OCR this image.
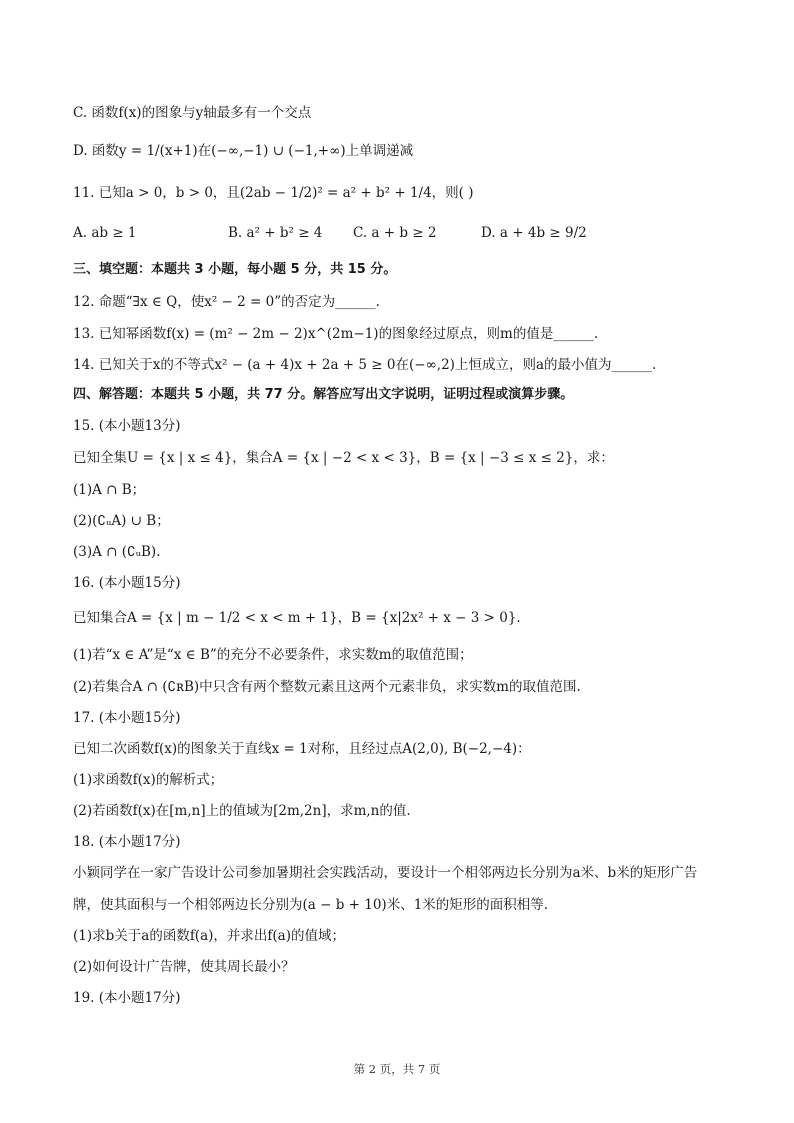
C. 函数f(x)的图象与y轴最多有一个交点
D. 函数y = 1/(x+1)在(−∞,−1) ∪ (−1,+∞)上单调递减
11. 已知a > 0，b > 0，且(2ab − 1/2)² = a² + b² + 1/4，则( )
A. ab ≥ 1	B. a² + b² ≥ 4	C. a + b ≥ 2	D. a + 4b ≥ 9/2
三、填空题：本题共 3 小题，每小题 5 分，共 15 分。
12. 命题“∃x ∈ Q，使x² − 2 = 0”的否定为______.
13. 已知幂函数f(x) = (m² − 2m − 2)x^(2m−1)的图象经过原点，则m的值是______.
14. 已知关于x的不等式x² − (a + 4)x + 2a + 5 ≥ 0在(−∞,2)上恒成立，则a的最小值为______.
四、解答题：本题共 5 小题，共 77 分。解答应写出文字说明，证明过程或演算步骤。
15. (本小题13分)
已知全集U = {x | x ≤ 4}，集合A = {x | −2 < x < 3}，B = {x | −3 ≤ x ≤ 2}，求：
(1)A ∩ B；
(2)(∁ᵤA) ∪ B；
(3)A ∩ (∁ᵤB).
16. (本小题15分)
已知集合A = {x | m − 1/2 < x < m + 1}，B = {x|2x² + x − 3 > 0}.
(1)若“x ∈ A”是“x ∈ B”的充分不必要条件，求实数m的取值范围；
(2)若集合A ∩ (∁ʀB)中只含有两个整数元素且这两个元素非负，求实数m的取值范围.
17. (本小题15分)
已知二次函数f(x)的图象关于直线x = 1对称，且经过点A(2,0), B(−2,−4)：
(1)求函数f(x)的解析式；
(2)若函数f(x)在[m,n]上的值域为[2m,2n]，求m,n的值.
18. (本小题17分)
小颖同学在一家广告设计公司参加暑期社会实践活动，要设计一个相邻两边长分别为a米、b米的矩形广告
牌，使其面积与一个相邻两边长分别为(a − b + 10)米、1米的矩形的面积相等.
(1)求b关于a的函数f(a)，并求出f(a)的值域；
(2)如何设计广告牌，使其周长最小？
19. (本小题17分)
第 2 页，共 7 页
